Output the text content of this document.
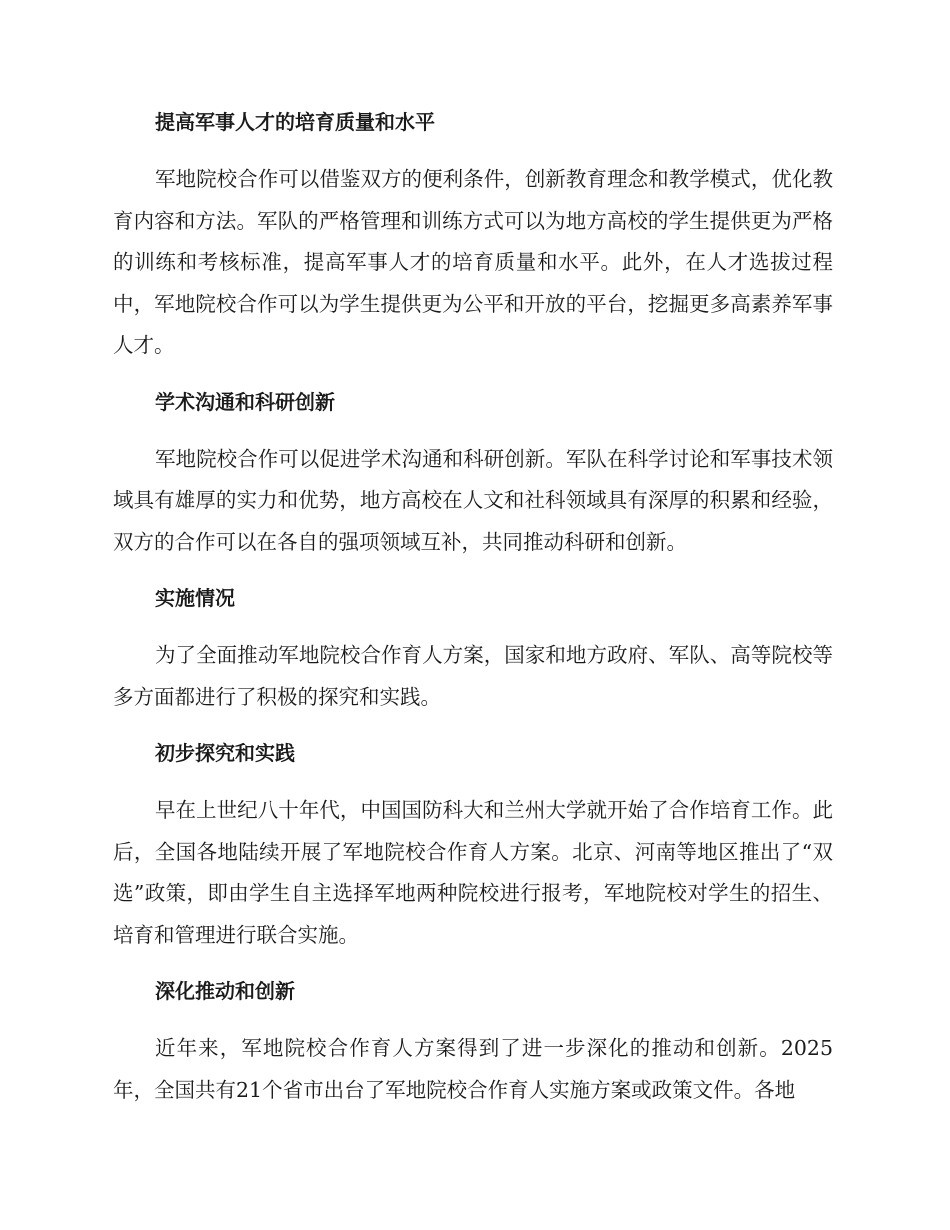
提高军事人才的培育质量和水平

军地院校合作可以借鉴双方的便利条件，创新教育理念和教学模式，优化教育内容和方法。军队的严格管理和训练方式可以为地方高校的学生提供更为严格的训练和考核标准，提高军事人才的培育质量和水平。此外，在人才选拔过程中，军地院校合作可以为学生提供更为公平和开放的平台，挖掘更多高素养军事人才。

学术沟通和科研创新

军地院校合作可以促进学术沟通和科研创新。军队在科学讨论和军事技术领域具有雄厚的实力和优势，地方高校在人文和社科领域具有深厚的积累和经验，双方的合作可以在各自的强项领域互补，共同推动科研和创新。

实施情况

为了全面推动军地院校合作育人方案，国家和地方政府、军队、高等院校等多方面都进行了积极的探究和实践。

初步探究和实践

早在上世纪八十年代，中国国防科大和兰州大学就开始了合作培育工作。此后，全国各地陆续开展了军地院校合作育人方案。北京、河南等地区推出了“双选”政策，即由学生自主选择军地两种院校进行报考，军地院校对学生的招生、培育和管理进行联合实施。

深化推动和创新

近年来，军地院校合作育人方案得到了进一步深化的推动和创新。2025年，全国共有21个省市出台了军地院校合作育人实施方案或政策文件。各地
